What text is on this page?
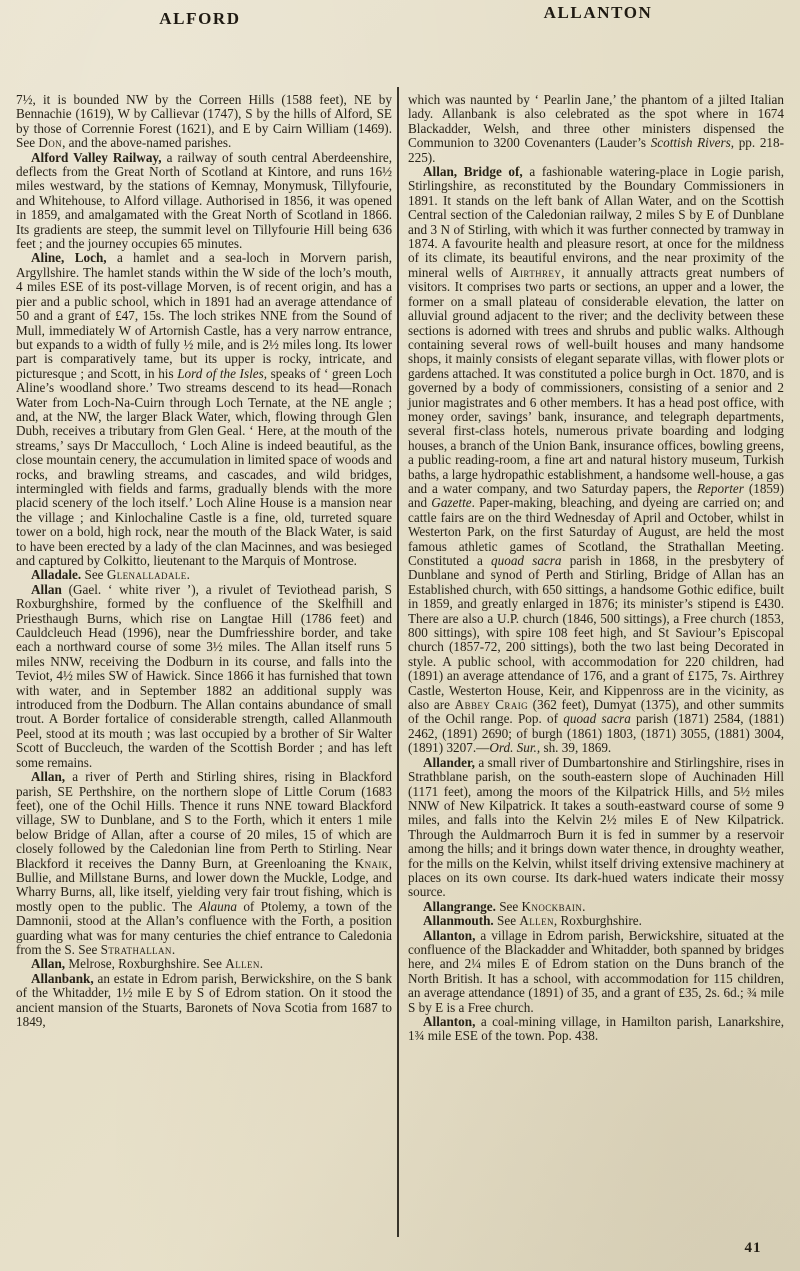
ALFORD	ALLANTON

7½, it is bounded NW by the Correen Hills (1588 feet), NE by Bennachie (1619), W by Callievar (1747), S by the hills of Alford, SE by those of Corrennie Forest (1621), and E by Cairn William (1469). See Don, and the above-named parishes.

Alford Valley Railway, a railway of south central Aberdeenshire, deflects from the Great North of Scotland at Kintore, and runs 16½ miles westward, by the stations of Kemnay, Monymusk, Tillyfourie, and Whitehouse, to Alford village. Authorised in 1856, it was opened in 1859, and amalgamated with the Great North of Scotland in 1866. Its gradients are steep, the summit level on Tillyfourie Hill being 636 feet ; and the journey occupies 65 minutes.

Aline, Loch, a hamlet and a sea-loch in Morvern parish, Argyllshire. The hamlet stands within the W side of the loch’s mouth, 4 miles ESE of its post-village Morven, is of recent origin, and has a pier and a public school, which in 1891 had an average attendance of 50 and a grant of £47, 15s. The loch strikes NNE from the Sound of Mull, immediately W of Artornish Castle, has a very narrow entrance, but expands to a width of fully ½ mile, and is 2½ miles long. Its lower part is comparatively tame, but its upper is rocky, intricate, and picturesque ; and Scott, in his Lord of the Isles, speaks of ‘ green Loch Aline’s woodland shore.’ Two streams descend to its head—Ronach Water from Loch-Na-Cuirn through Loch Ternate, at the NE angle ; and, at the NW, the larger Black Water, which, flowing through Glen Dubh, receives a tributary from Glen Geal. ‘ Here, at the mouth of the streams,’ says Dr Macculloch, ‘ Loch Aline is indeed beautiful, as the close mountain cenery, the accumulation in limited space of woods and rocks, and brawling streams, and cascades, and wild bridges, intermingled with fields and farms, gradually blends with the more placid scenery of the loch itself.’ Loch Aline House is a mansion near the village ; and Kinlochaline Castle is a fine, old, turreted square tower on a bold, high rock, near the mouth of the Black Water, is said to have been erected by a lady of the clan Macinnes, and was besieged and captured by Colkitto, lieutenant to the Marquis of Montrose.

Alladale. See Glenalladale.

Allan (Gael. ‘ white river ’), a rivulet of Teviothead parish, S Roxburghshire, formed by the confluence of the Skelfhill and Priesthaugh Burns, which rise on Langtae Hill (1786 feet) and Cauldcleuch Head (1996), near the Dumfriesshire border, and take each a northward course of some 3½ miles. The Allan itself runs 5 miles NNW, receiving the Dodburn in its course, and falls into the Teviot, 4½ miles SW of Hawick. Since 1866 it has furnished that town with water, and in September 1882 an additional supply was introduced from the Dodburn. The Allan contains abundance of small trout. A Border fortalice of considerable strength, called Allanmouth Peel, stood at its mouth ; was last occupied by a brother of Sir Walter Scott of Buccleuch, the warden of the Scottish Border ; and has left some remains.

Allan, a river of Perth and Stirling shires, rising in Blackford parish, SE Perthshire, on the northern slope of Little Corum (1683 feet), one of the Ochil Hills. Thence it runs NNE toward Blackford village, SW to Dunblane, and S to the Forth, which it enters 1 mile below Bridge of Allan, after a course of 20 miles, 15 of which are closely followed by the Caledonian line from Perth to Stirling. Near Blackford it receives the Danny Burn, at Greenloaning the Knaik, Bullie, and Millstane Burns, and lower down the Muckle, Lodge, and Wharry Burns, all, like itself, yielding very fair trout fishing, which is mostly open to the public. The Alauna of Ptolemy, a town of the Damnonii, stood at the Allan’s confluence with the Forth, a position guarding what was for many centuries the chief entrance to Caledonia from the S. See Strathallan.

Allan, Melrose, Roxburghshire. See Allen.

Allanbank, an estate in Edrom parish, Berwickshire, on the S bank of the Whitadder, 1½ mile E by S of Edrom station. On it stood the ancient mansion of the Stuarts, Baronets of Nova Scotia from 1687 to 1849,

which was naunted by ‘ Pearlin Jane,’ the phantom of a jilted Italian lady. Allanbank is also celebrated as the spot where in 1674 Blackadder, Welsh, and three other ministers dispensed the Communion to 3200 Covenanters (Lauder’s Scottish Rivers, pp. 218-225).

Allan, Bridge of, a fashionable watering-place in Logie parish, Stirlingshire, as reconstituted by the Boundary Commissioners in 1891. It stands on the left bank of Allan Water, and on the Scottish Central section of the Caledonian railway, 2 miles S by E of Dunblane and 3 N of Stirling, with which it was further connected by tramway in 1874. A favourite health and pleasure resort, at once for the mildness of its climate, its beautiful environs, and the near proximity of the mineral wells of Airthrey, it annually attracts great numbers of visitors. It comprises two parts or sections, an upper and a lower, the former on a small plateau of considerable elevation, the latter on alluvial ground adjacent to the river; and the declivity between these sections is adorned with trees and shrubs and public walks. Although containing several rows of well-built houses and many handsome shops, it mainly consists of elegant separate villas, with flower plots or gardens attached. It was constituted a police burgh in Oct. 1870, and is governed by a body of commissioners, consisting of a senior and 2 junior magistrates and 6 other members. It has a head post office, with money order, savings’ bank, insurance, and telegraph departments, several first-class hotels, numerous private boarding and lodging houses, a branch of the Union Bank, insurance offices, bowling greens, a public reading-room, a fine art and natural history museum, Turkish baths, a large hydropathic establishment, a handsome well-house, a gas and a water company, and two Saturday papers, the Reporter (1859) and Gazette. Paper-making, bleaching, and dyeing are carried on; and cattle fairs are on the third Wednesday of April and October, whilst in Westerton Park, on the first Saturday of August, are held the most famous athletic games of Scotland, the Strathallan Meeting. Constituted a quoad sacra parish in 1868, in the presbytery of Dunblane and synod of Perth and Stirling, Bridge of Allan has an Established church, with 650 sittings, a handsome Gothic edifice, built in 1859, and greatly enlarged in 1876; its minister’s stipend is £430. There are also a U.P. church (1846, 500 sittings), a Free church (1853, 800 sittings), with spire 108 feet high, and St Saviour’s Episcopal church (1857-72, 200 sittings), both the two last being Decorated in style. A public school, with accommodation for 220 children, had (1891) an average attendance of 176, and a grant of £175, 7s. Airthrey Castle, Westerton House, Keir, and Kippenross are in the vicinity, as also are Abbey Craig (362 feet), Dumyat (1375), and other summits of the Ochil range. Pop. of quoad sacra parish (1871) 2584, (1881) 2462, (1891) 2690; of burgh (1861) 1803, (1871) 3055, (1881) 3004, (1891) 3207.—Ord. Sur., sh. 39, 1869.

Allander, a small river of Dumbartonshire and Stirlingshire, rises in Strathblane parish, on the south-eastern slope of Auchinaden Hill (1171 feet), among the moors of the Kilpatrick Hills, and 5½ miles NNW of New Kilpatrick. It takes a south-eastward course of some 9 miles, and falls into the Kelvin 2½ miles E of New Kilpatrick. Through the Auldmarroch Burn it is fed in summer by a reservoir among the hills; and it brings down water thence, in droughty weather, for the mills on the Kelvin, whilst itself driving extensive machinery at places on its own course. Its dark-hued waters indicate their mossy source.

Allangrange. See Knockbain.

Allanmouth. See Allen, Roxburghshire.

Allanton, a village in Edrom parish, Berwickshire, situated at the confluence of the Blackadder and Whitadder, both spanned by bridges here, and 2¼ miles E of Edrom station on the Duns branch of the North British. It has a school, with accommodation for 115 children, an average attendance (1891) of 35, and a grant of £35, 2s. 6d.; ¾ mile S by E is a Free church.

Allanton, a coal-mining village, in Hamilton parish, Lanarkshire, 1¾ mile ESE of the town. Pop. 438.

41
